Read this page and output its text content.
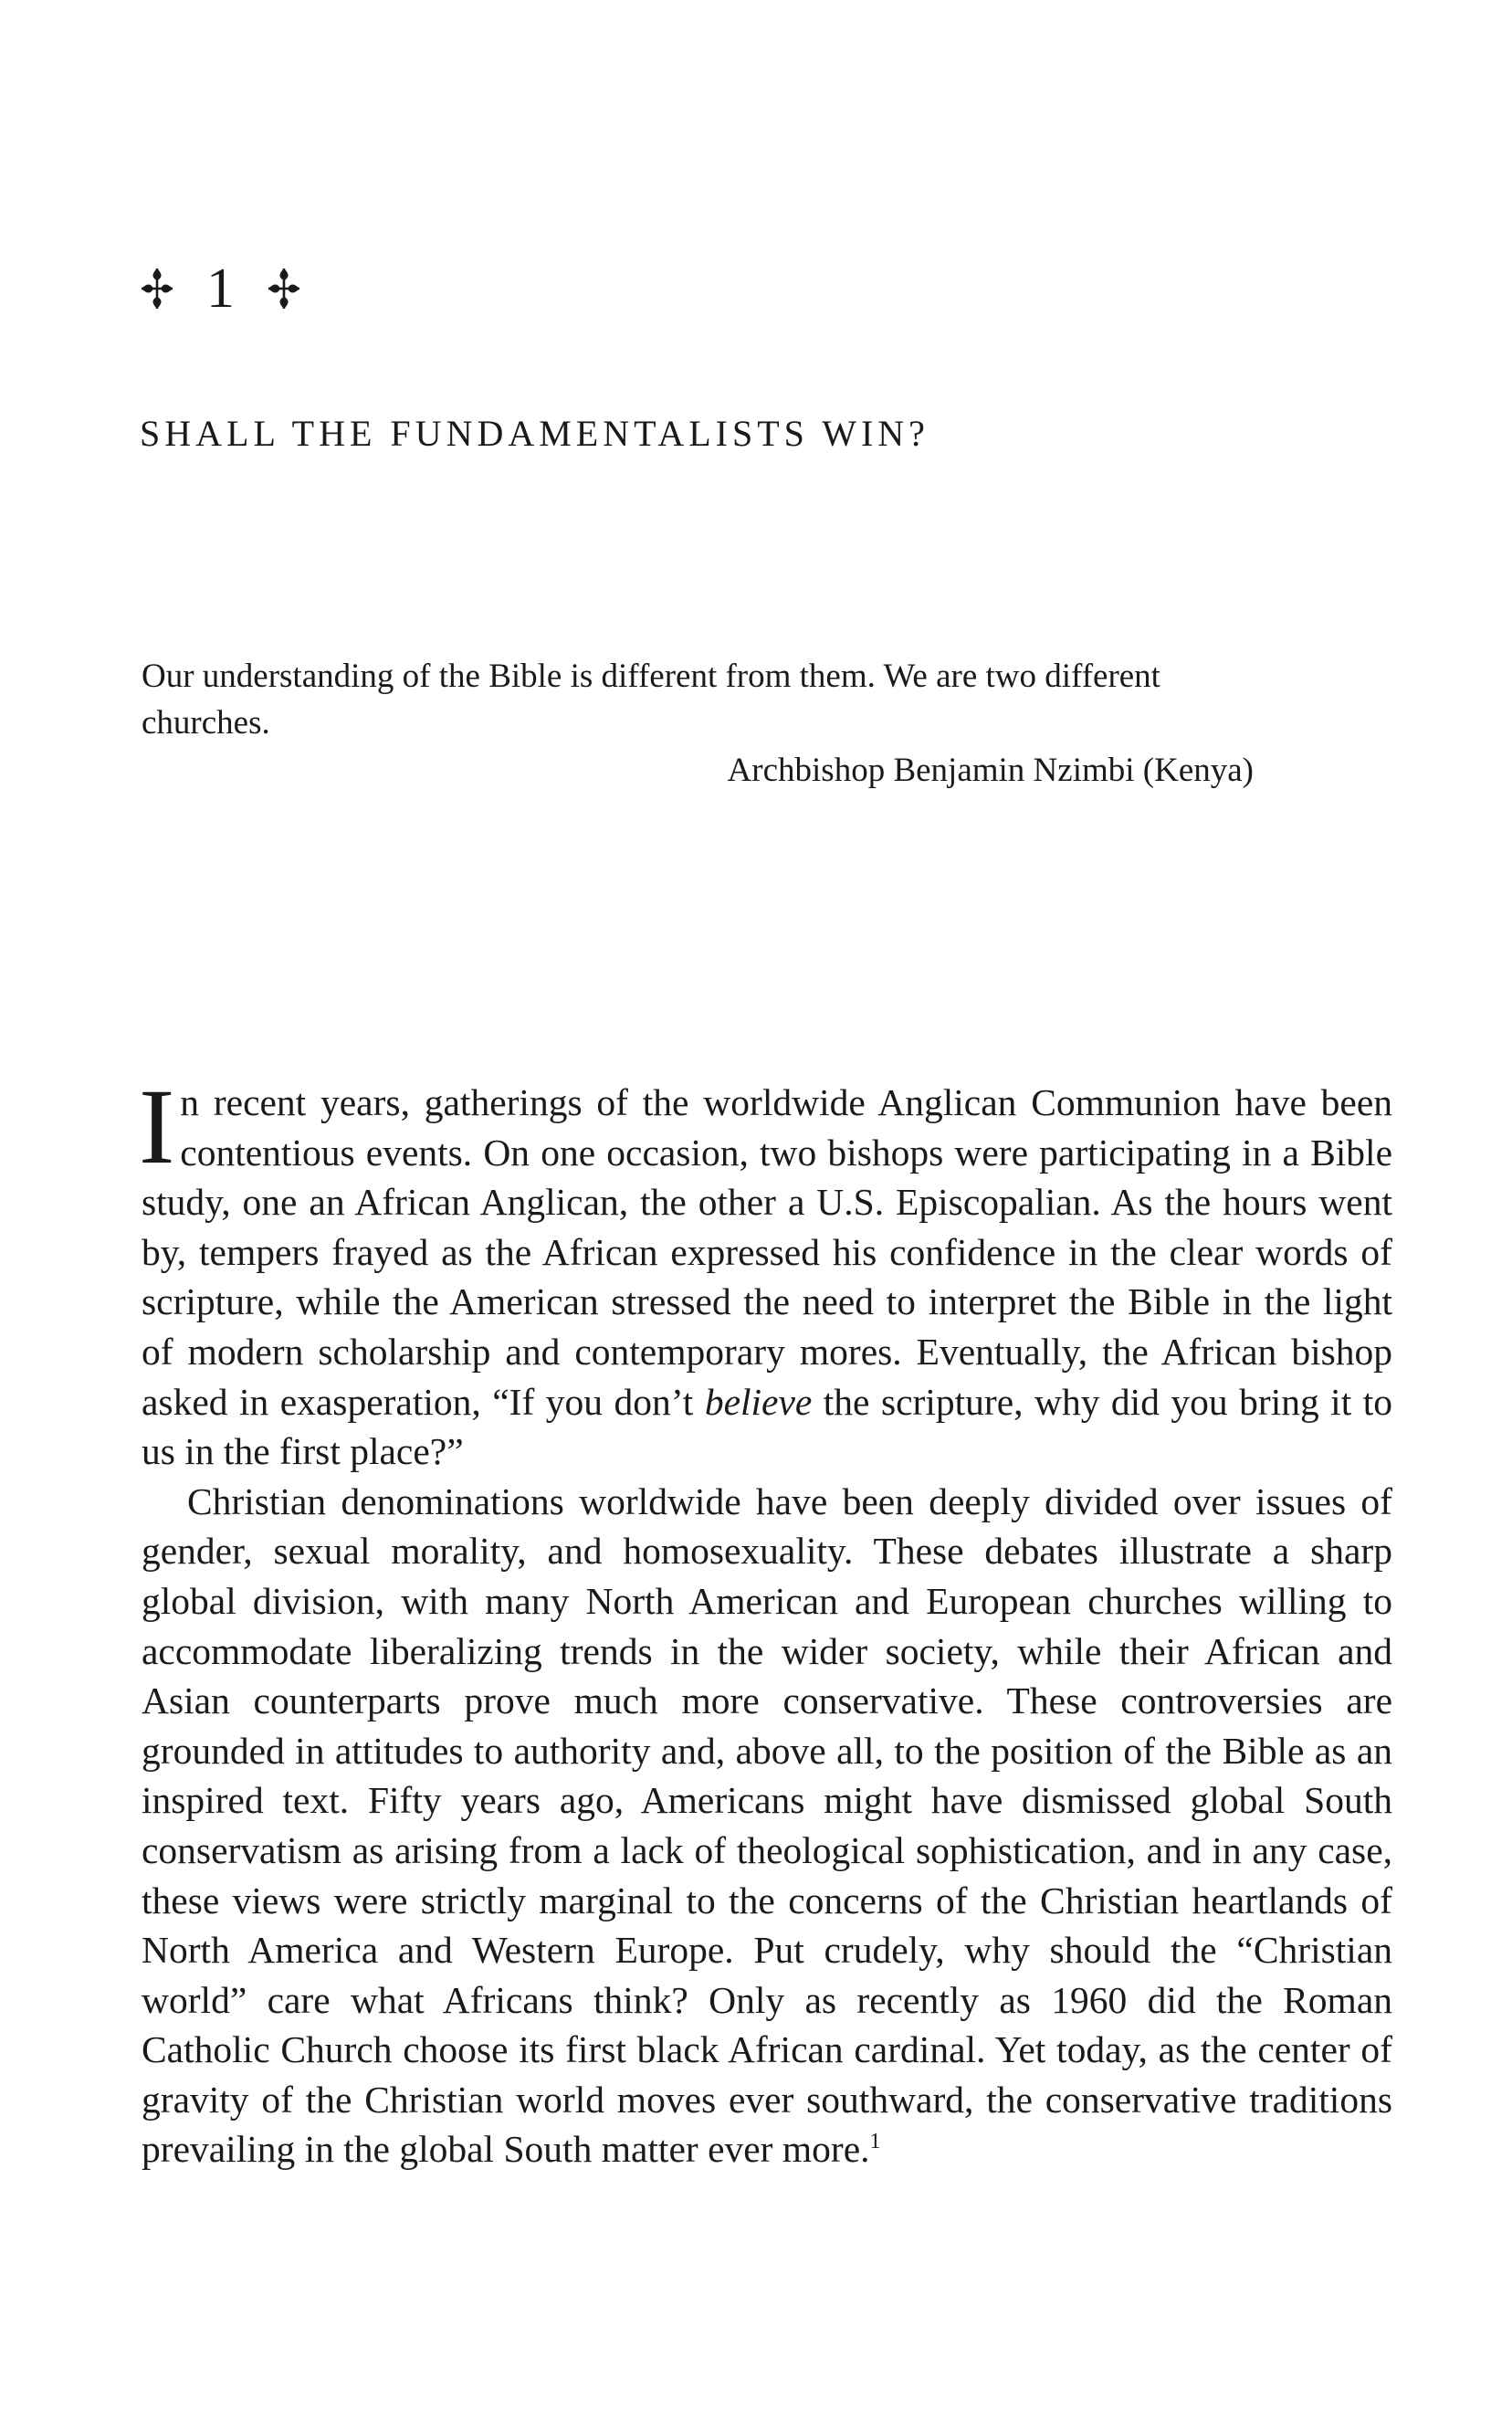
1
SHALL THE FUNDAMENTALISTS WIN?
Our understanding of the Bible is different from them. We are two different churches.
Archbishop Benjamin Nzimbi (Kenya)

In recent years, gatherings of the worldwide Anglican Communion have been contentious events. On one occasion, two bishops were participating in a Bible study, one an African Anglican, the other a U.S. Episcopalian. As the hours went by, tempers frayed as the African expressed his confidence in the clear words of scripture, while the American stressed the need to interpret the Bible in the light of modern scholarship and contemporary mores. Eventually, the African bishop asked in exasperation, “If you don’t believe the scripture, why did you bring it to us in the first place?”

Christian denominations worldwide have been deeply divided over issues of gender, sexual morality, and homosexuality. These debates illustrate a sharp global division, with many North American and European churches willing to accommodate liberalizing trends in the wider society, while their African and Asian counterparts prove much more conservative. These controversies are grounded in attitudes to authority and, above all, to the position of the Bible as an inspired text. Fifty years ago, Americans might have dismissed global South conservatism as arising from a lack of theological sophistication, and in any case, these views were strictly marginal to the concerns of the Christian heartlands of North America and Western Europe. Put crudely, why should the “Christian world” care what Africans think? Only as recently as 1960 did the Roman Catholic Church choose its first black African cardinal. Yet today, as the center of gravity of the Christian world moves ever southward, the conservative traditions prevailing in the global South matter ever more.$^1$
